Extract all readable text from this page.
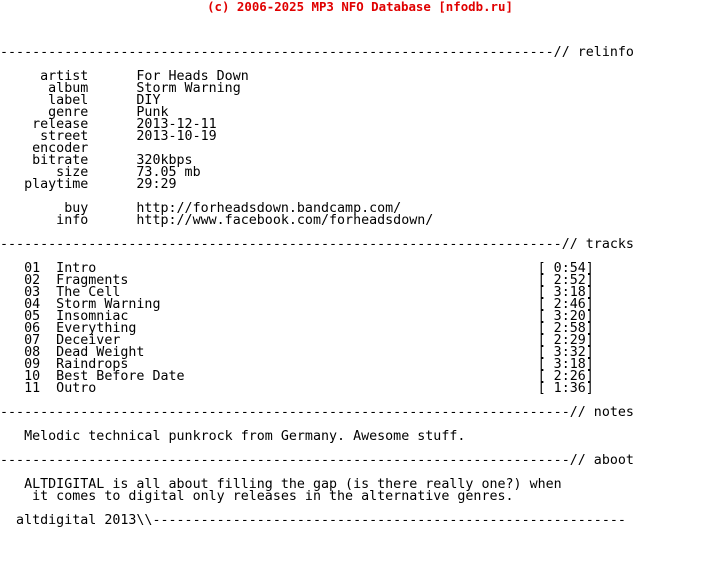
(c) 2006-2025 MP3 NFO Database [nfodb.ru]

---------------------------------------------------------------------// relinfo

artist      For Heads Down
album      Storm Warning
label      DIY
genre      Punk
release      2013-12-11
street      2013-10-19
encoder
bitrate      320kbps
size      73.05 mb
playtime      29:29

buy      http://forheadsdown.bandcamp.com/
info      http://www.facebook.com/forheadsdown/

----------------------------------------------------------------------// tracks

01  Intro                                                       [ 0:54]
02  Fragments                                                   [ 2:52]
03  The Cell                                                    [ 3:18]
04  Storm Warning                                               [ 2:46]
05  Insomniac                                                   [ 3:20]
06  Everything                                                  [ 2:58]
07  Deceiver                                                    [ 2:29]
08  Dead Weight                                                 [ 3:32]
09  Raindrops                                                   [ 3:18]
10  Best Before Date                                            [ 2:26]
11  Outro                                                       [ 1:36]

-----------------------------------------------------------------------// notes

Melodic technical punkrock from Germany. Awesome stuff.

-----------------------------------------------------------------------// aboot

ALTDIGITAL is all about filling the gap (is there really one?) when
it comes to digital only releases in the alternative genres.

altdigital 2013\\-----------------------------------------------------------
